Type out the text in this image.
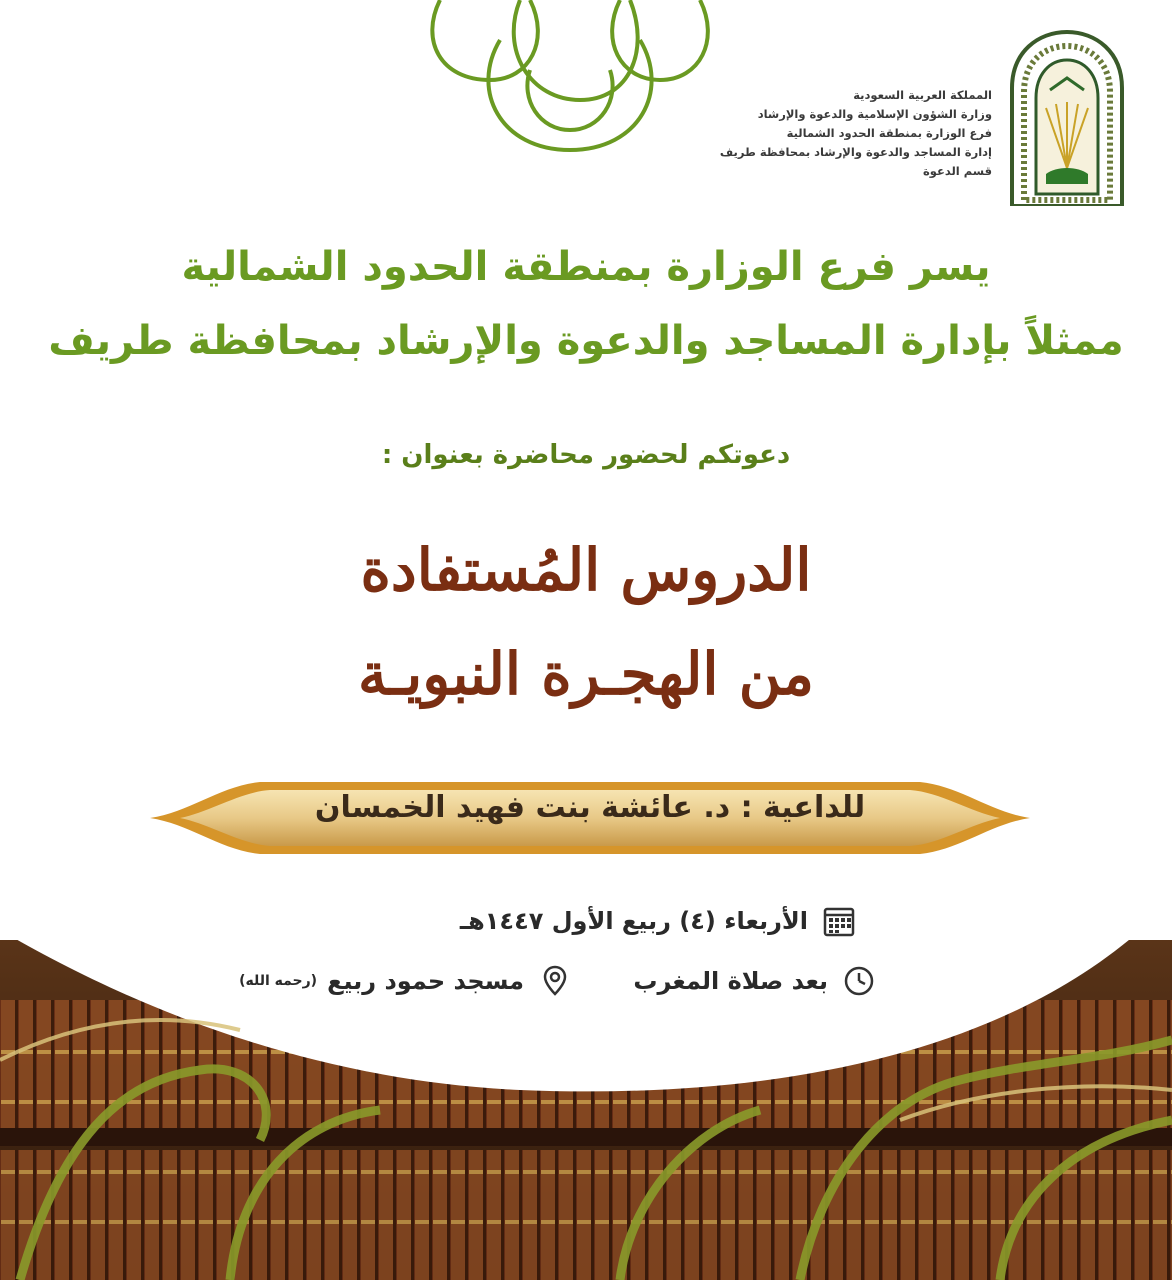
المملكة العربية السعودية
وزارة الشؤون الإسلامية والدعوة والإرشاد
فرع الوزارة بمنطقة الحدود الشمالية
إدارة المساجد والدعوة والإرشاد بمحافظة طريف
قسم الدعوة
يسر فرع الوزارة بمنطقة الحدود الشمالية
ممثلاً بإدارة المساجد والدعوة والإرشاد بمحافظة طريف
دعوتكم لحضور محاضرة بعنوان :
الدروس المُستفادة
من الهجـرة النبويـة
للداعية : د. عائشة بنت فهيد الخمسان
الأربعاء (٤) ربيع الأول ١٤٤٧هـ
بعد صلاة المغرب
مسجد حمود ربيع
(رحمه الله)
